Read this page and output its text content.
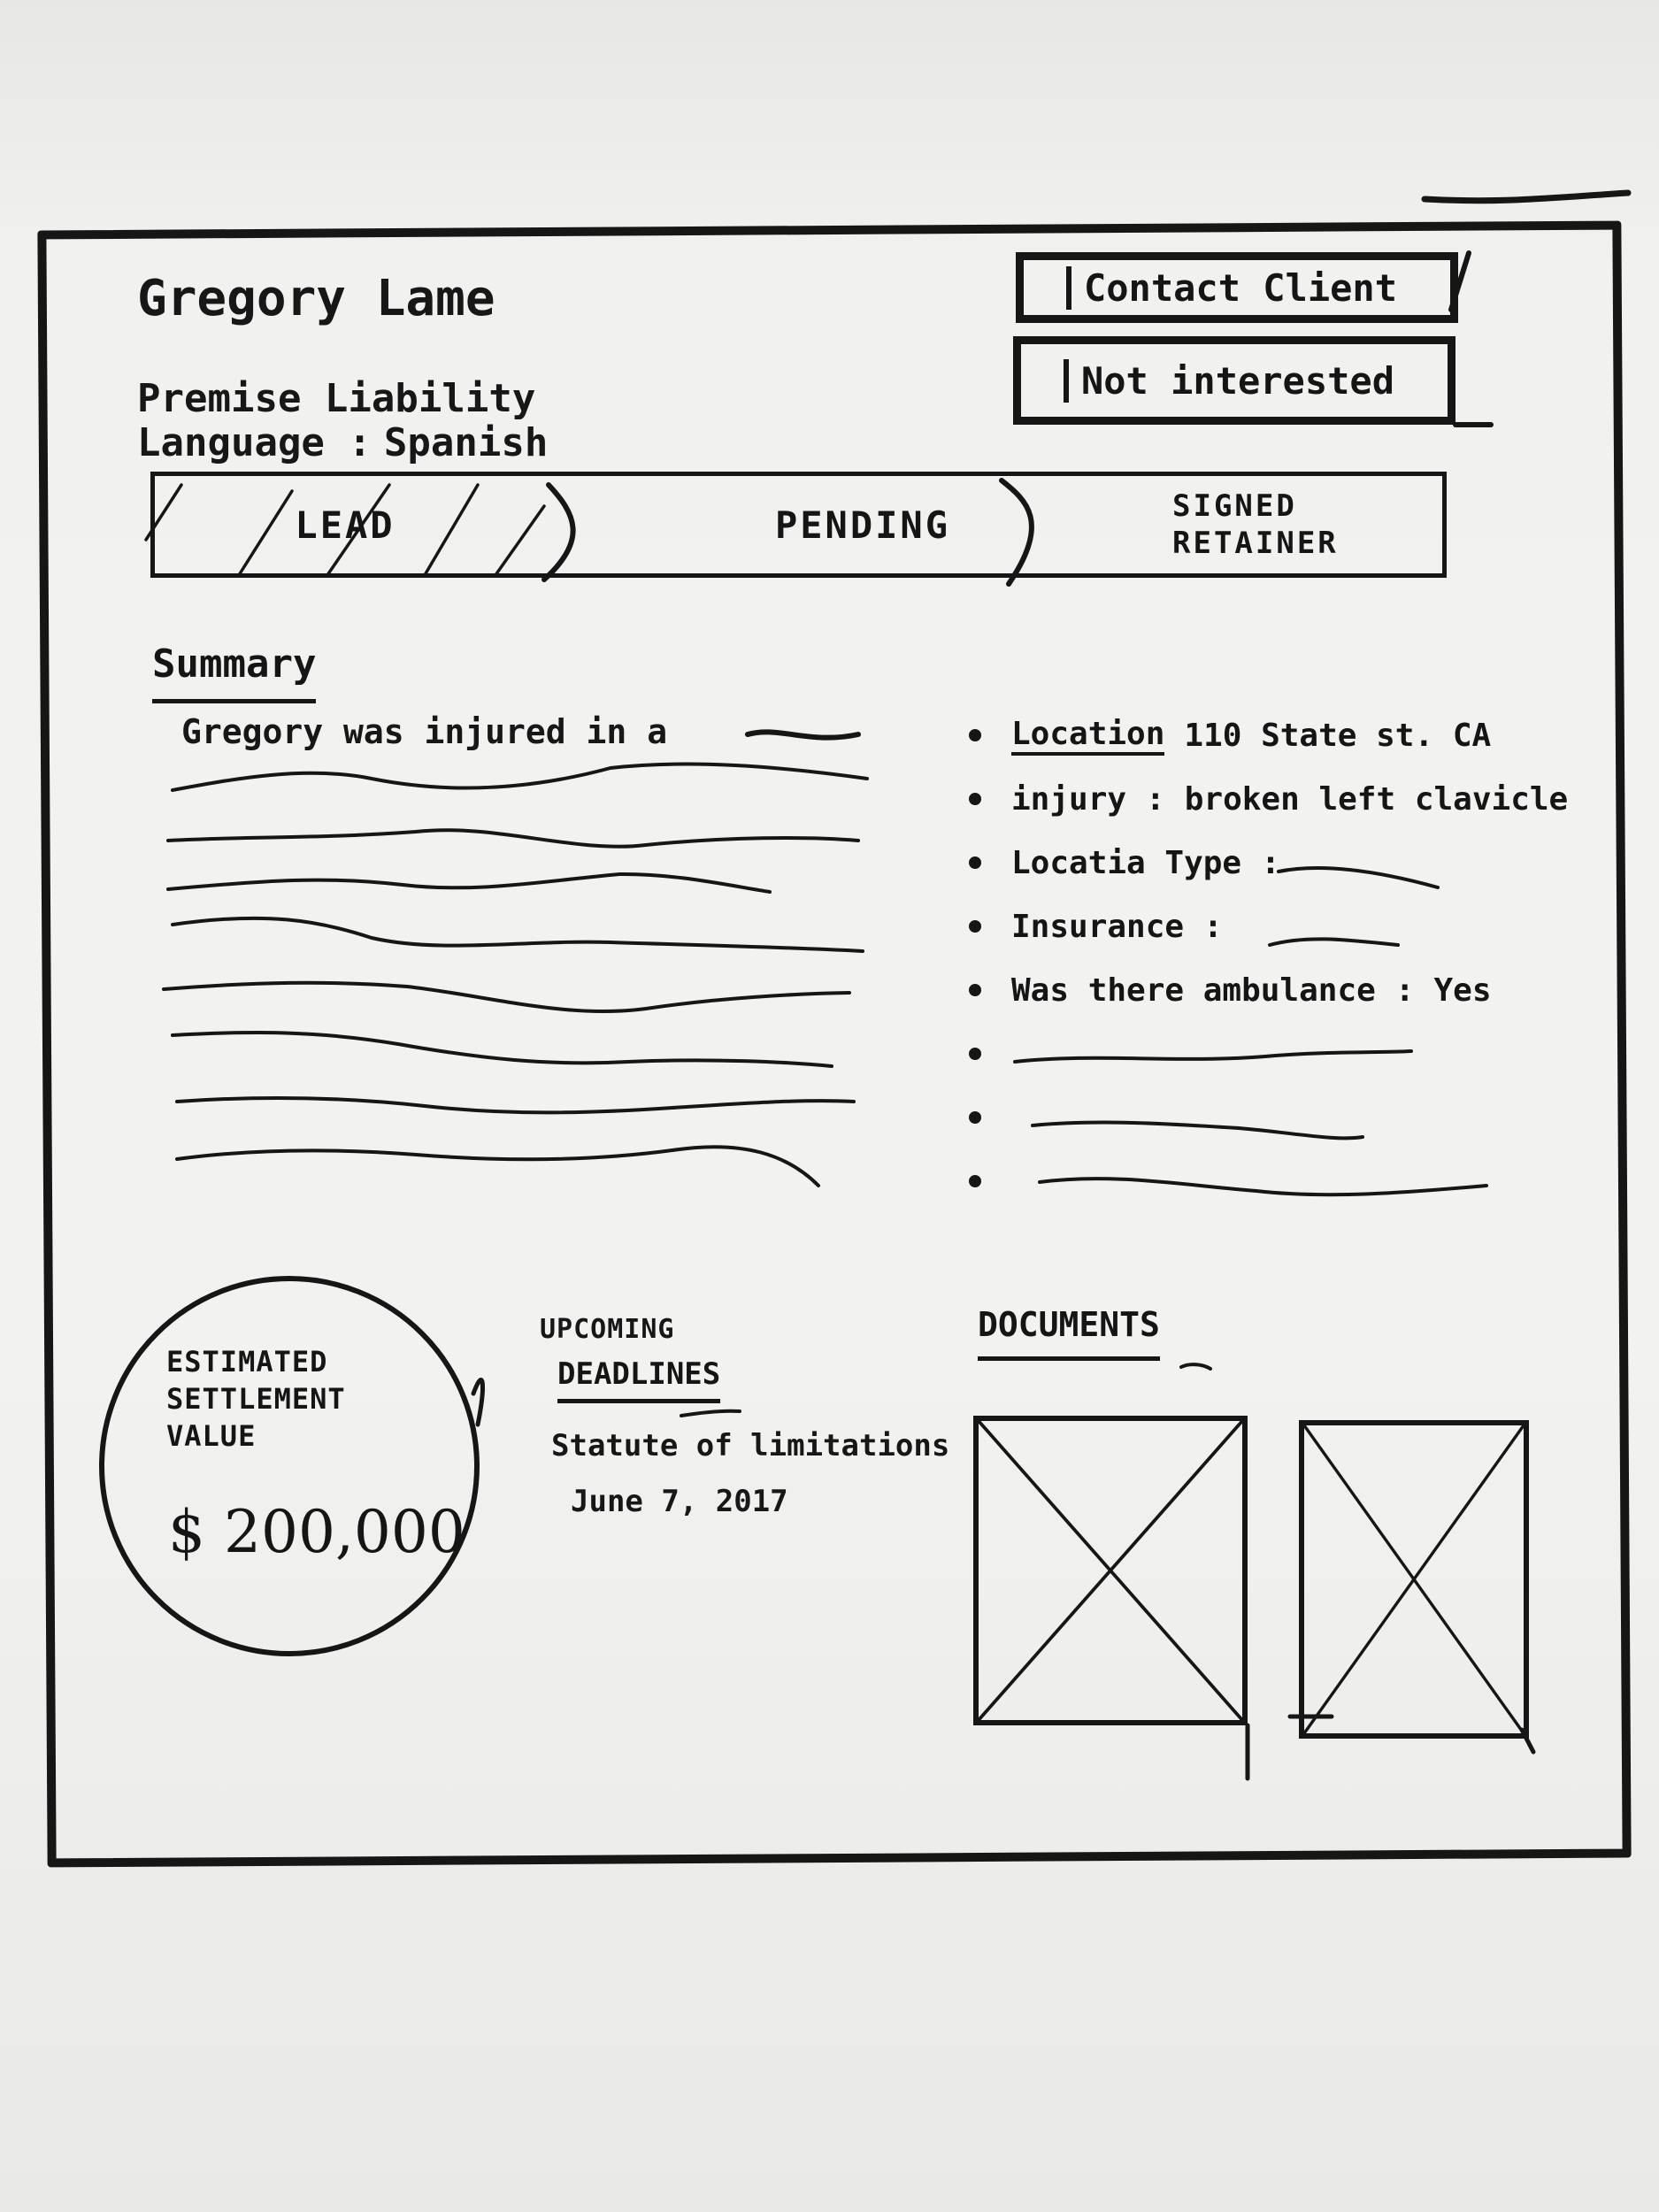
Gregory Lame
Premise Liability
Language : Spanish
Contact Client
Not interested
LEAD	PENDING	SIGNED RETAINER
Summary
Gregory was injured in a	Location 110 State st. CA
injury : broken left clavicle
Locatia Type :
Insurance :
Was there ambulance : Yes
ESTIMATED SETTLEMENT VALUE
$ 200,000
UPCOMING
DEADLINES
Statute of limitations
June 7, 2017
DOCUMENTS
